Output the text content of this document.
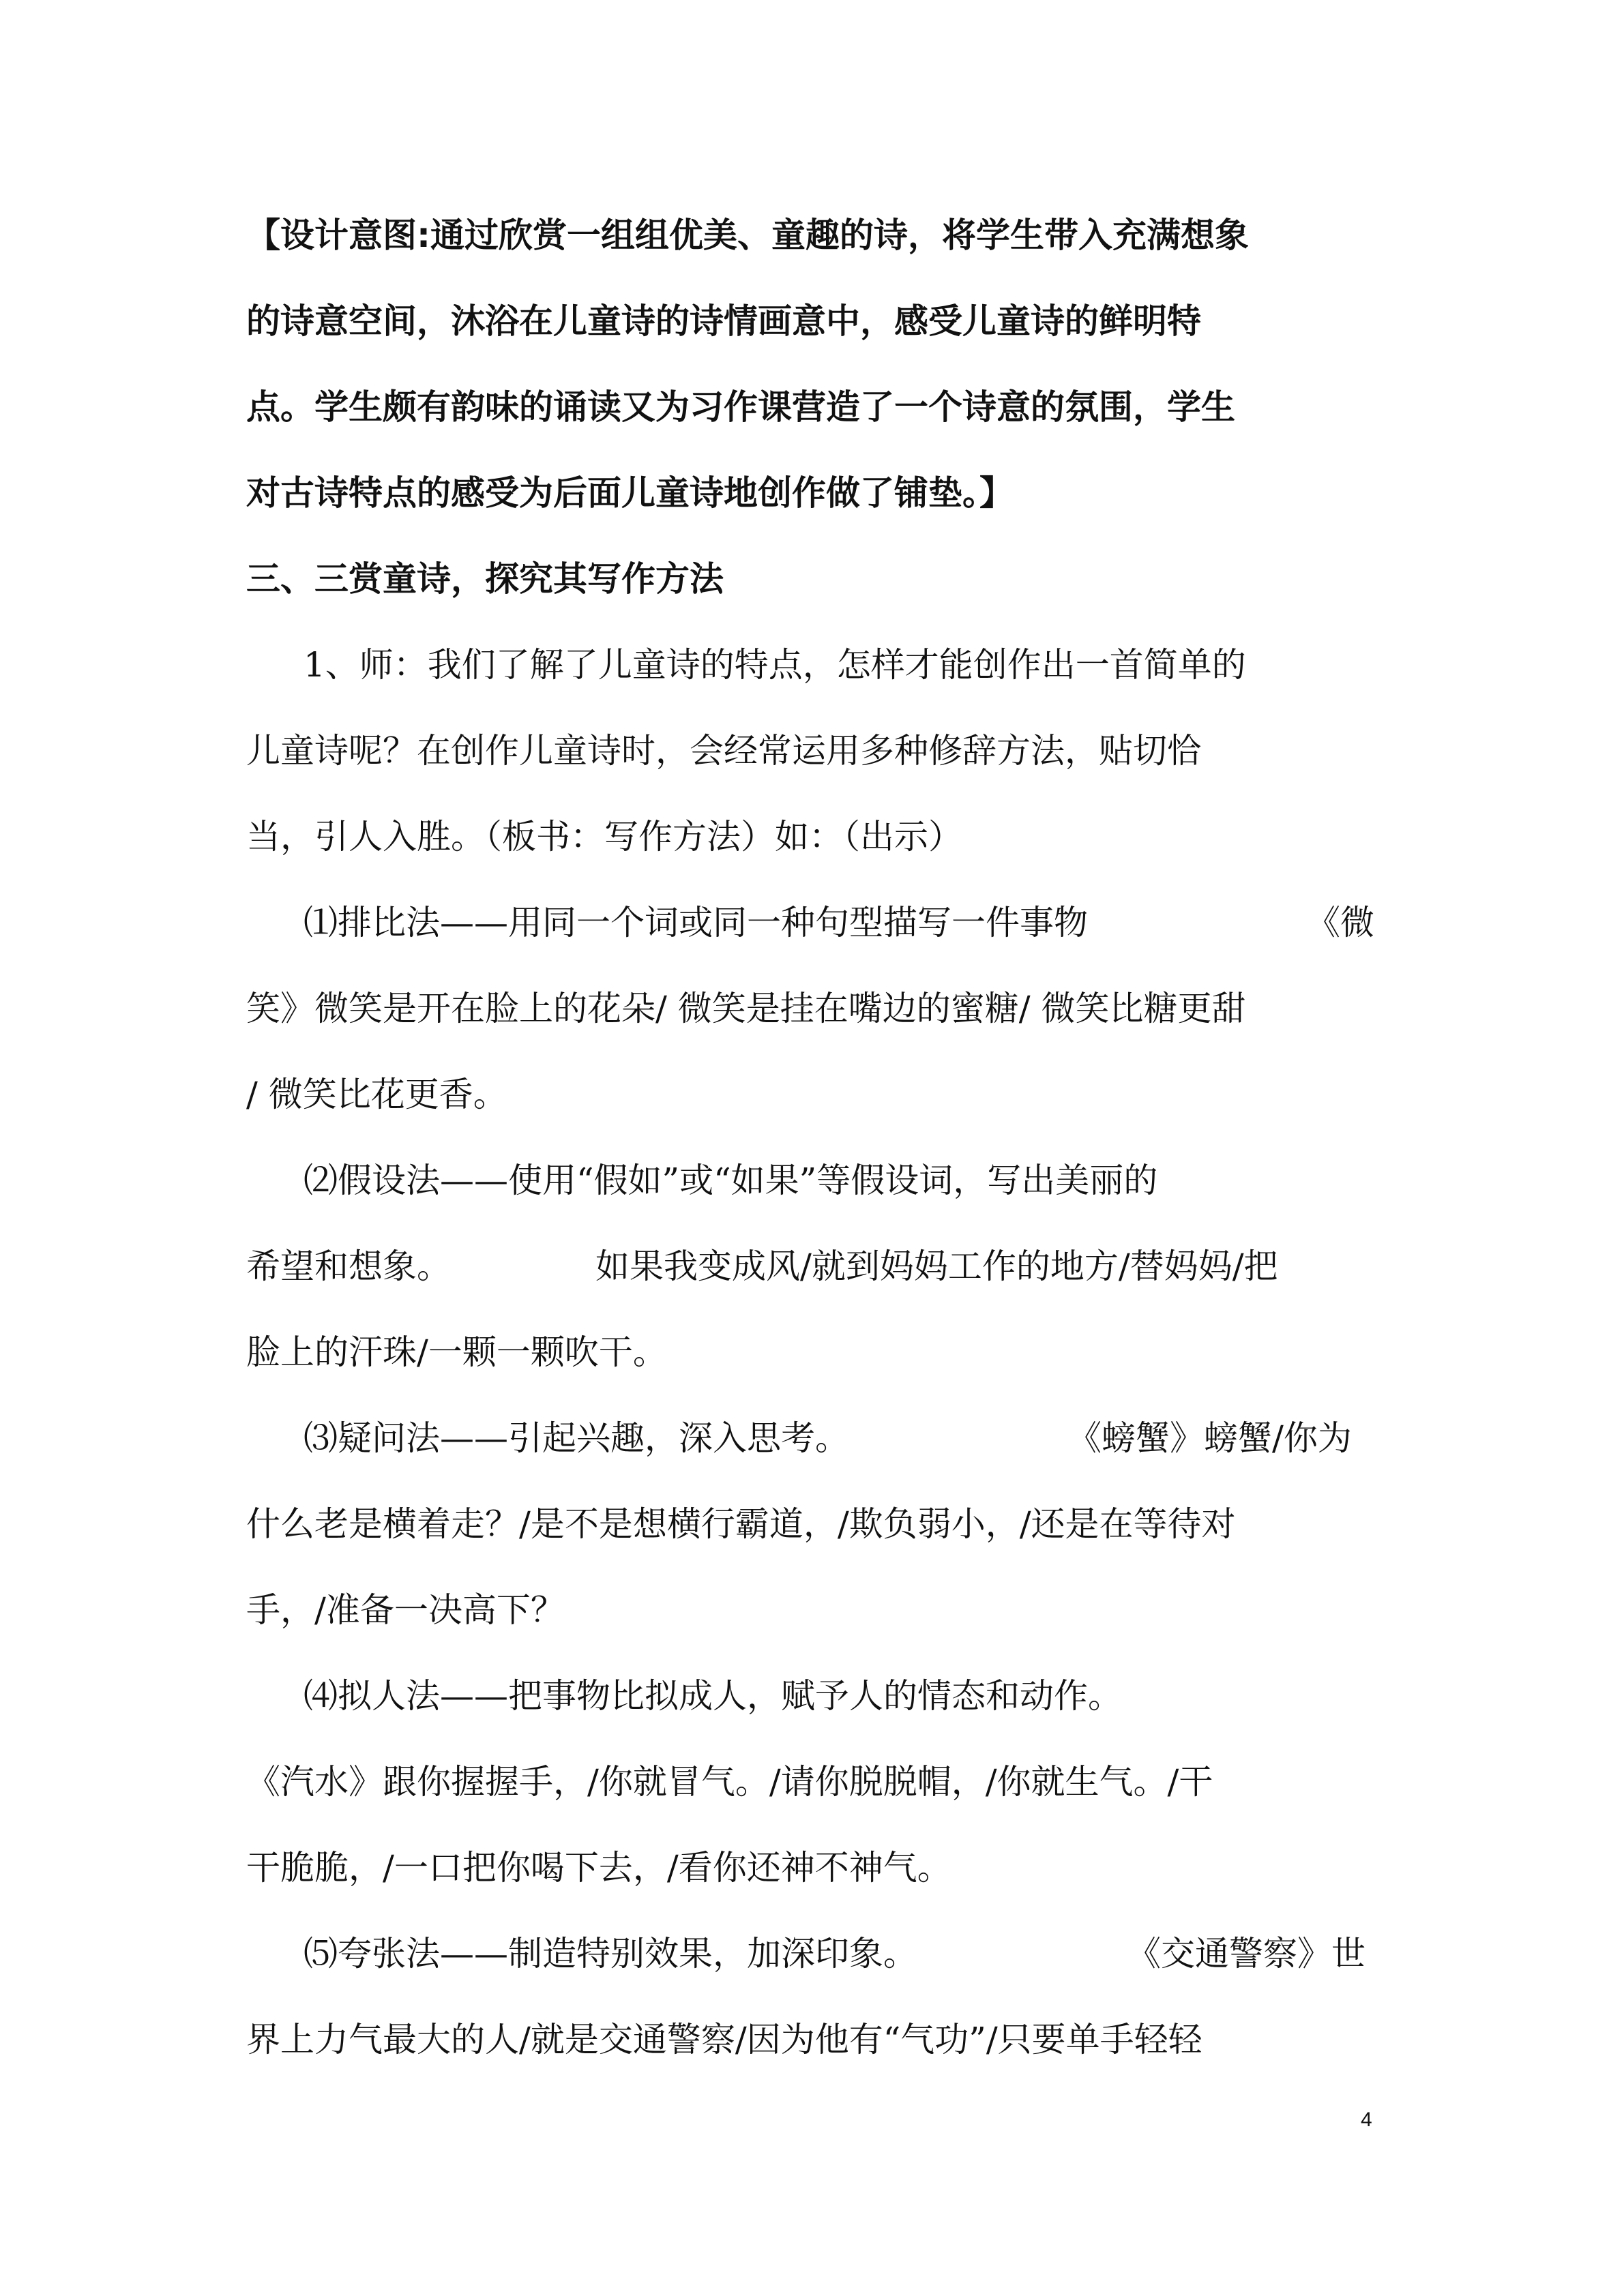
【设计意图:通过欣赏一组组优美、童趣的诗，将学生带入充满想象
的诗意空间，沐浴在儿童诗的诗情画意中，感受儿童诗的鲜明特
点。学生颇有韵味的诵读又为习作课营造了一个诗意的氛围，学生
对古诗特点的感受为后面儿童诗地创作做了铺垫。】
三、三赏童诗，探究其写作方法
1、师：我们了解了儿童诗的特点，怎样才能创作出一首简单的
儿童诗呢？在创作儿童诗时，会经常运用多种修辞方法，贴切恰
当，引人入胜。（板书：写作方法）如：（出示）
⑴排比法——用同一个词或同一种句型描写一件事物	《微
笑》微笑是开在脸上的花朵/ 微笑是挂在嘴边的蜜糖/ 微笑比糖更甜
/ 微笑比花更香。
⑵假设法——使用“假如”或“如果”等假设词，写出美丽的
希望和想象。	如果我变成风/就到妈妈工作的地方/替妈妈/把
脸上的汗珠/一颗一颗吹干。
⑶疑问法——引起兴趣，深入思考。	《螃蟹》螃蟹/你为
什么老是横着走？/是不是想横行霸道，/欺负弱小，/还是在等待对
手，/准备一决高下？
⑷拟人法——把事物比拟成人，赋予人的情态和动作。
《汽水》跟你握握手，/你就冒气。/请你脱脱帽，/你就生气。/干
干脆脆，/一口把你喝下去，/看你还神不神气。
⑸夸张法——制造特别效果，加深印象。	《交通警察》世
界上力气最大的人/就是交通警察/因为他有“气功”/只要单手轻轻
4
